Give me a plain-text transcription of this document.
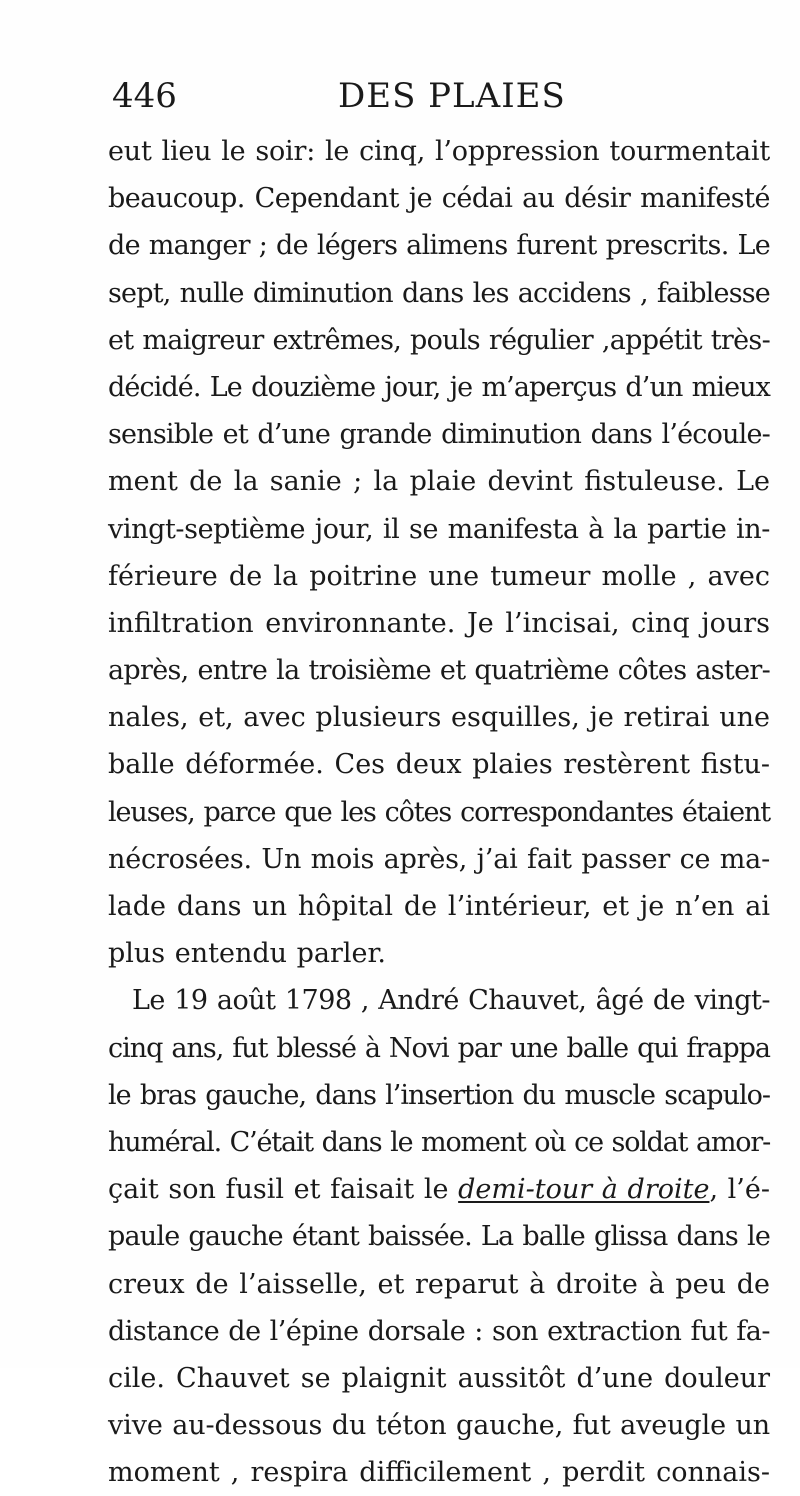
446	DES PLAIES
eut lieu le soir: le cinq, l’oppression tourmentait
beaucoup. Cependant je cédai au désir manifesté
de manger ; de légers alimens furent prescrits. Le
sept, nulle diminution dans les accidens , faiblesse
et maigreur extrêmes, pouls régulier ,appétit très-
décidé. Le douzième jour, je m’aperçus d’un mieux
sensible et d’une grande diminution dans l’écoule-
ment de la sanie ; la plaie devint fistuleuse. Le
vingt-septième jour, il se manifesta à la partie in-
férieure de la poitrine une tumeur molle , avec
infiltration environnante. Je l’incisai, cinq jours
après, entre la troisième et quatrième côtes aster-
nales, et, avec plusieurs esquilles, je retirai une
balle déformée. Ces deux plaies restèrent fistu-
leuses, parce que les côtes correspondantes étaient
nécrosées. Un mois après, j’ai fait passer ce ma-
lade dans un hôpital de l’intérieur, et je n’en ai
plus entendu parler.
Le 19 août 1798 , André Chauvet, âgé de vingt-
cinq ans, fut blessé à Novi par une balle qui frappa
le bras gauche, dans l’insertion du muscle scapulo-
huméral. C’était dans le moment où ce soldat amor-
çait son fusil et faisait le demi-tour à droite, l’é-
paule gauche étant baissée. La balle glissa dans le
creux de l’aisselle, et reparut à droite à peu de
distance de l’épine dorsale : son extraction fut fa-
cile. Chauvet se plaignit aussitôt d’une douleur
vive au-dessous du téton gauche, fut aveugle un
moment , respira difficilement , perdit connais-
